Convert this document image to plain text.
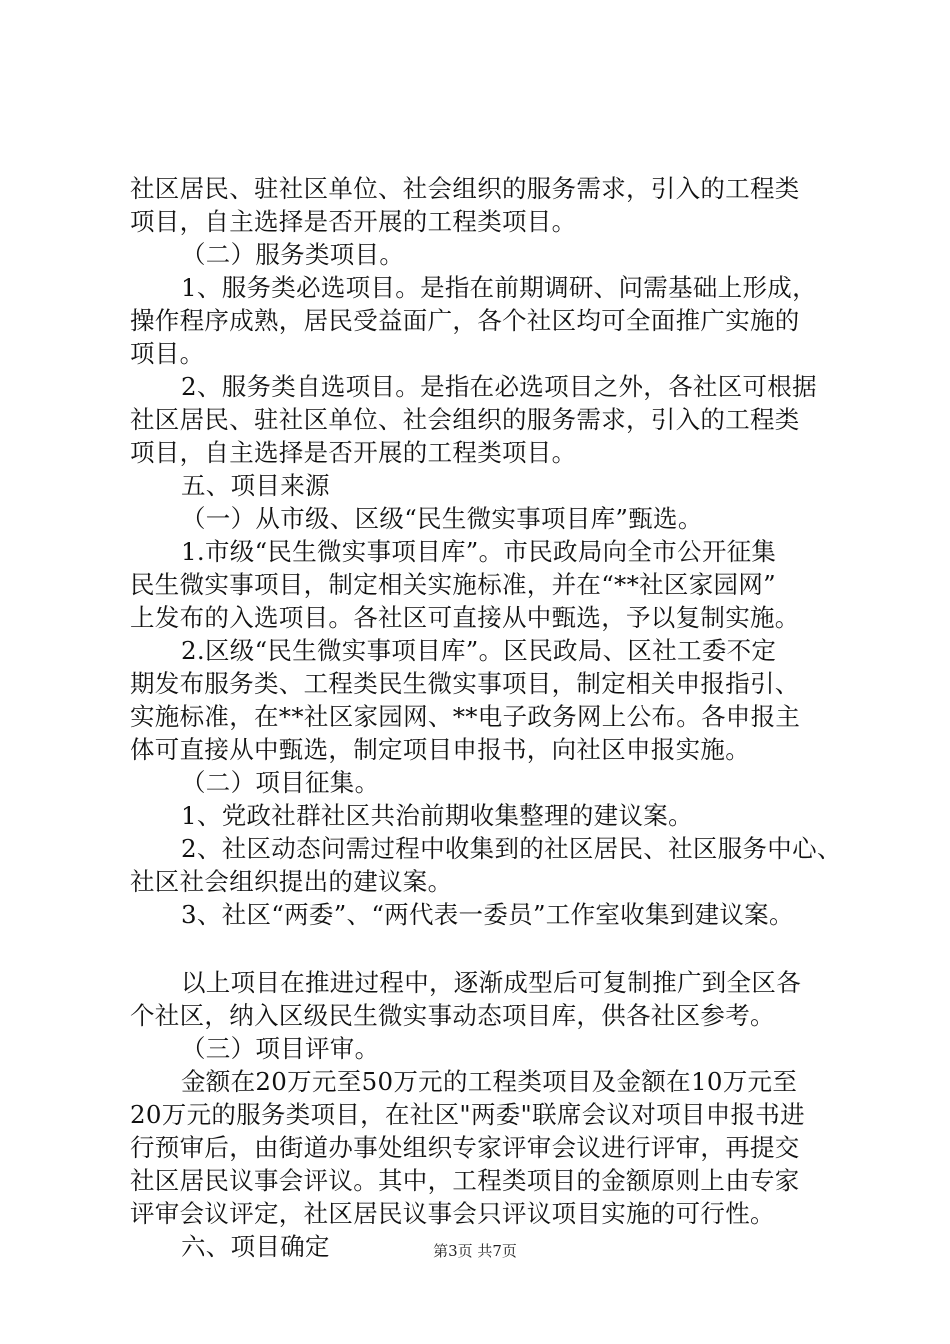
社区居民、驻社区单位、社会组织的服务需求，引入的工程类
项目，自主选择是否开展的工程类项目。
（二）服务类项目。
1、服务类必选项目。是指在前期调研、问需基础上形成，
操作程序成熟，居民受益面广，各个社区均可全面推广实施的
项目。
2、服务类自选项目。是指在必选项目之外，各社区可根据
社区居民、驻社区单位、社会组织的服务需求，引入的工程类
项目，自主选择是否开展的工程类项目。
五、项目来源
（一）从市级、区级“民生微实事项目库”甄选。
1.市级“民生微实事项目库”。市民政局向全市公开征集
民生微实事项目，制定相关实施标准，并在“**社区家园网”
上发布的入选项目。各社区可直接从中甄选，予以复制实施。
2.区级“民生微实事项目库”。区民政局、区社工委不定
期发布服务类、工程类民生微实事项目，制定相关申报指引、
实施标准，在**社区家园网、**电子政务网上公布。各申报主
体可直接从中甄选，制定项目申报书，向社区申报实施。
（二）项目征集。
1、党政社群社区共治前期收集整理的建议案。
2、社区动态问需过程中收集到的社区居民、社区服务中心、
社区社会组织提出的建议案。
3、社区“两委”、“两代表一委员”工作室收集到建议案。
以上项目在推进过程中，逐渐成型后可复制推广到全区各
个社区，纳入区级民生微实事动态项目库，供各社区参考。
（三）项目评审。
金额在20万元至50万元的工程类项目及金额在10万元至
20万元的服务类项目，在社区"两委"联席会议对项目申报书进
行预审后，由街道办事处组织专家评审会议进行评审，再提交
社区居民议事会评议。其中，工程类项目的金额原则上由专家
评审会议评定，社区居民议事会只评议项目实施的可行性。
六、项目确定	第3页 共7页
